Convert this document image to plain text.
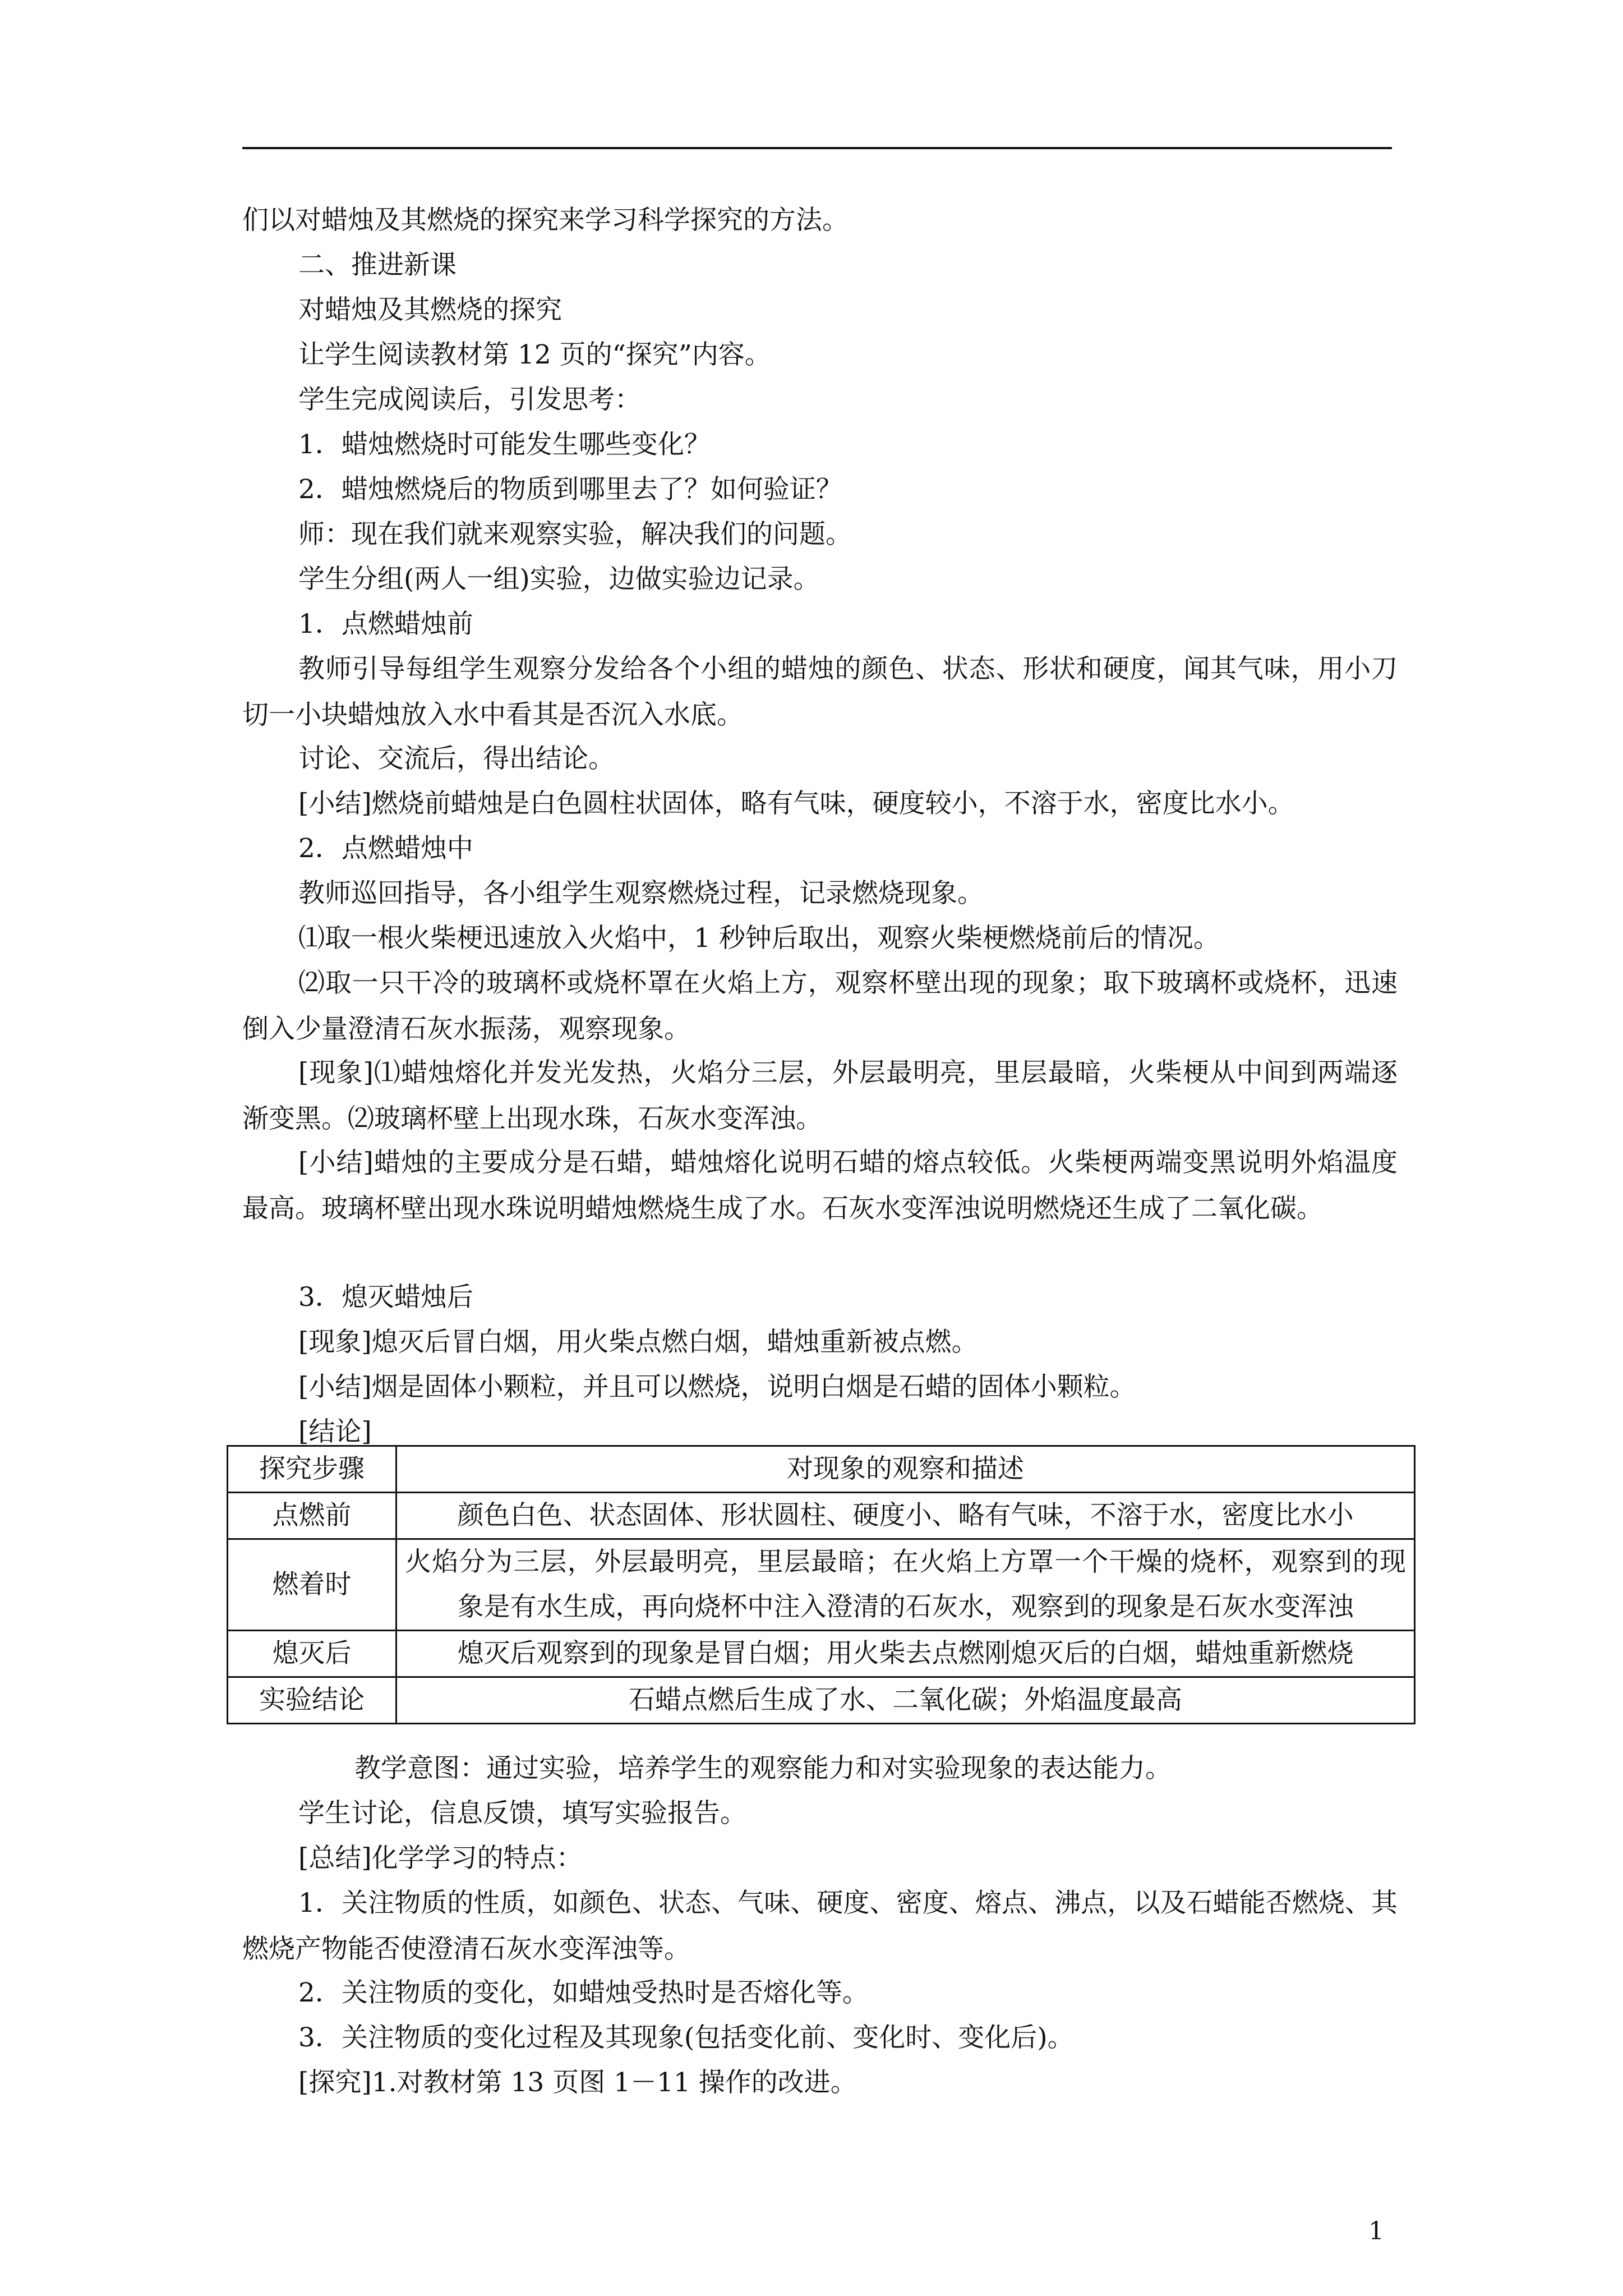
们以对蜡烛及其燃烧的探究来学习科学探究的方法。

二、推进新课

对蜡烛及其燃烧的探究

让学生阅读教材第 12 页的“探究”内容。

学生完成阅读后，引发思考：

1．蜡烛燃烧时可能发生哪些变化？

2．蜡烛燃烧后的物质到哪里去了？如何验证？

师：现在我们就来观察实验，解决我们的问题。

学生分组(两人一组)实验，边做实验边记录。

1．点燃蜡烛前

教师引导每组学生观察分发给各个小组的蜡烛的颜色、状态、形状和硬度，闻其气味，用小刀切一小块蜡烛放入水中看其是否沉入水底。

讨论、交流后，得出结论。

[小结]燃烧前蜡烛是白色圆柱状固体，略有气味，硬度较小，不溶于水，密度比水小。

2．点燃蜡烛中

教师巡回指导，各小组学生观察燃烧过程，记录燃烧现象。

⑴取一根火柴梗迅速放入火焰中，1 秒钟后取出，观察火柴梗燃烧前后的情况。

⑵取一只干冷的玻璃杯或烧杯罩在火焰上方，观察杯壁出现的现象；取下玻璃杯或烧杯，迅速倒入少量澄清石灰水振荡，观察现象。

[现象]⑴蜡烛熔化并发光发热，火焰分三层，外层最明亮，里层最暗，火柴梗从中间到两端逐渐变黑。⑵玻璃杯壁上出现水珠，石灰水变浑浊。

[小结]蜡烛的主要成分是石蜡，蜡烛熔化说明石蜡的熔点较低。火柴梗两端变黑说明外焰温度最高。玻璃杯壁出现水珠说明蜡烛燃烧生成了水。石灰水变浑浊说明燃烧还生成了二氧化碳。

3．熄灭蜡烛后

[现象]熄灭后冒白烟，用火柴点燃白烟，蜡烛重新被点燃。

[小结]烟是固体小颗粒，并且可以燃烧，说明白烟是石蜡的固体小颗粒。

[结论]

探究步骤	对现象的观察和描述
点燃前	颜色白色、状态固体、形状圆柱、硬度小、略有气味，不溶于水，密度比水小
燃着时	火焰分为三层，外层最明亮，里层最暗；在火焰上方罩一个干燥的烧杯，观察到的现象是有水生成，再向烧杯中注入澄清的石灰水，观察到的现象是石灰水变浑浊
熄灭后	熄灭后观察到的现象是冒白烟；用火柴去点燃刚熄灭后的白烟，蜡烛重新燃烧
实验结论	石蜡点燃后生成了水、二氧化碳；外焰温度最高

教学意图：通过实验，培养学生的观察能力和对实验现象的表达能力。

学生讨论，信息反馈，填写实验报告。

[总结]化学学习的特点：

1．关注物质的性质，如颜色、状态、气味、硬度、密度、熔点、沸点，以及石蜡能否燃烧、其燃烧产物能否使澄清石灰水变浑浊等。

2．关注物质的变化，如蜡烛受热时是否熔化等。

3．关注物质的变化过程及其现象(包括变化前、变化时、变化后)。

[探究]1.对教材第 13 页图 1－11 操作的改进。

1
